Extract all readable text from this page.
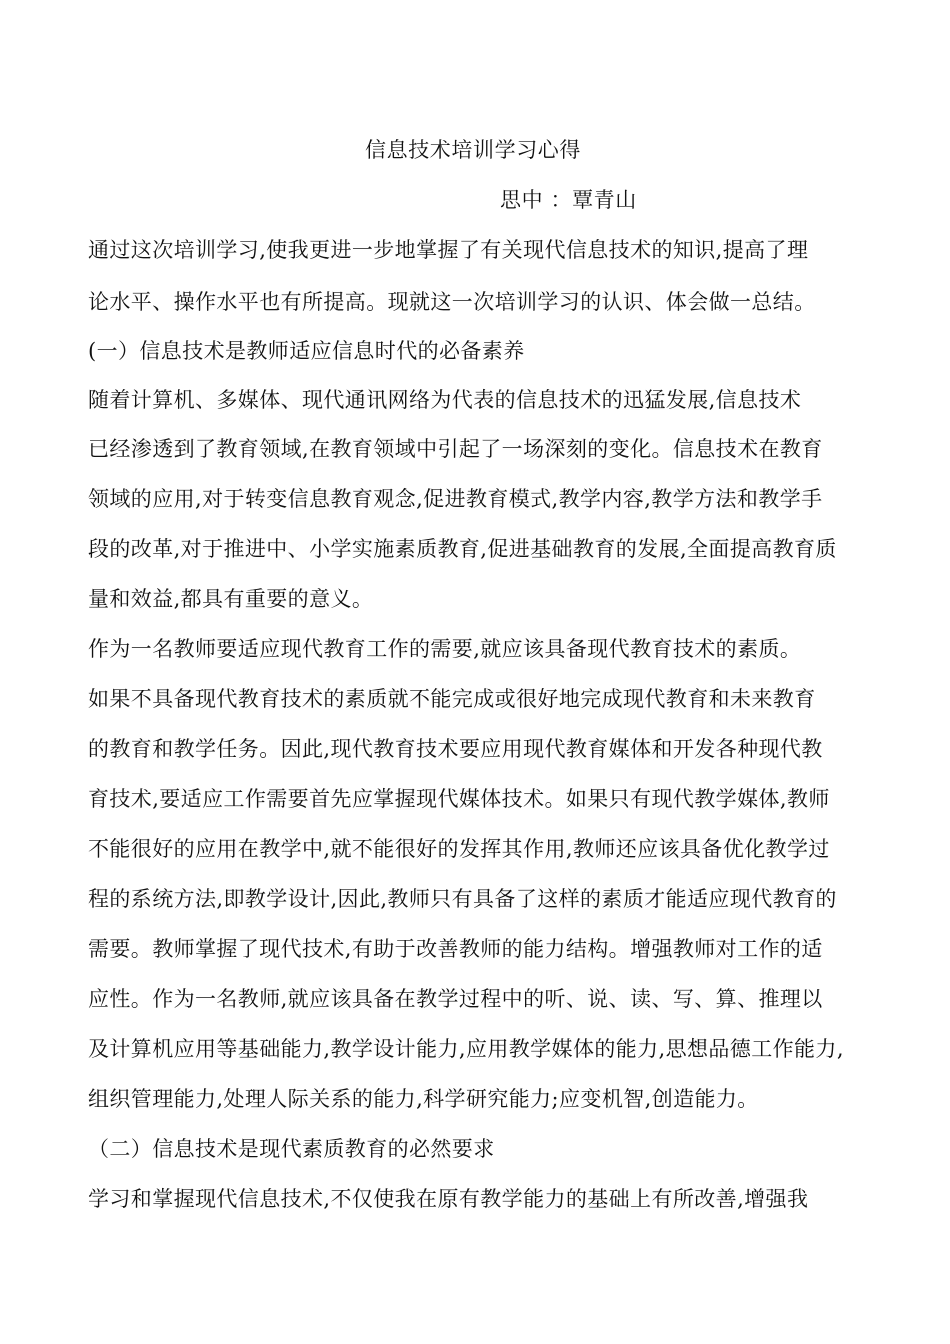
信息技术培训学习心得
思中 ：覃青山
通过这次培训学习,使我更进一步地掌握了有关现代信息技术的知识,提高了理
论水平、操作水平也有所提高。现就这一次培训学习的认识、体会做一总结。
(一）信息技术是教师适应信息时代的必备素养
随着计算机、多媒体、现代通讯网络为代表的信息技术的迅猛发展,信息技术
已经渗透到了教育领域,在教育领域中引起了一场深刻的变化。信息技术在教育
领域的应用,对于转变信息教育观念,促进教育模式,教学内容,教学方法和教学手
段的改革,对于推进中、小学实施素质教育,促进基础教育的发展,全面提高教育质
量和效益,都具有重要的意义。
作为一名教师要适应现代教育工作的需要,就应该具备现代教育技术的素质。
如果不具备现代教育技术的素质就不能完成或很好地完成现代教育和未来教育
的教育和教学任务。因此,现代教育技术要应用现代教育媒体和开发各种现代教
育技术,要适应工作需要首先应掌握现代媒体技术。如果只有现代教学媒体,教师
不能很好的应用在教学中,就不能很好的发挥其作用,教师还应该具备优化教学过
程的系统方法,即教学设计,因此,教师只有具备了这样的素质才能适应现代教育的
需要。教师掌握了现代技术,有助于改善教师的能力结构。增强教师对工作的适
应性。作为一名教师,就应该具备在教学过程中的听、说、读、写、算、推理以
及计算机应用等基础能力,教学设计能力,应用教学媒体的能力,思想品德工作能力,
组织管理能力,处理人际关系的能力,科学研究能力;应变机智,创造能力。
（二）信息技术是现代素质教育的必然要求
学习和掌握现代信息技术,不仅使我在原有教学能力的基础上有所改善,增强我
